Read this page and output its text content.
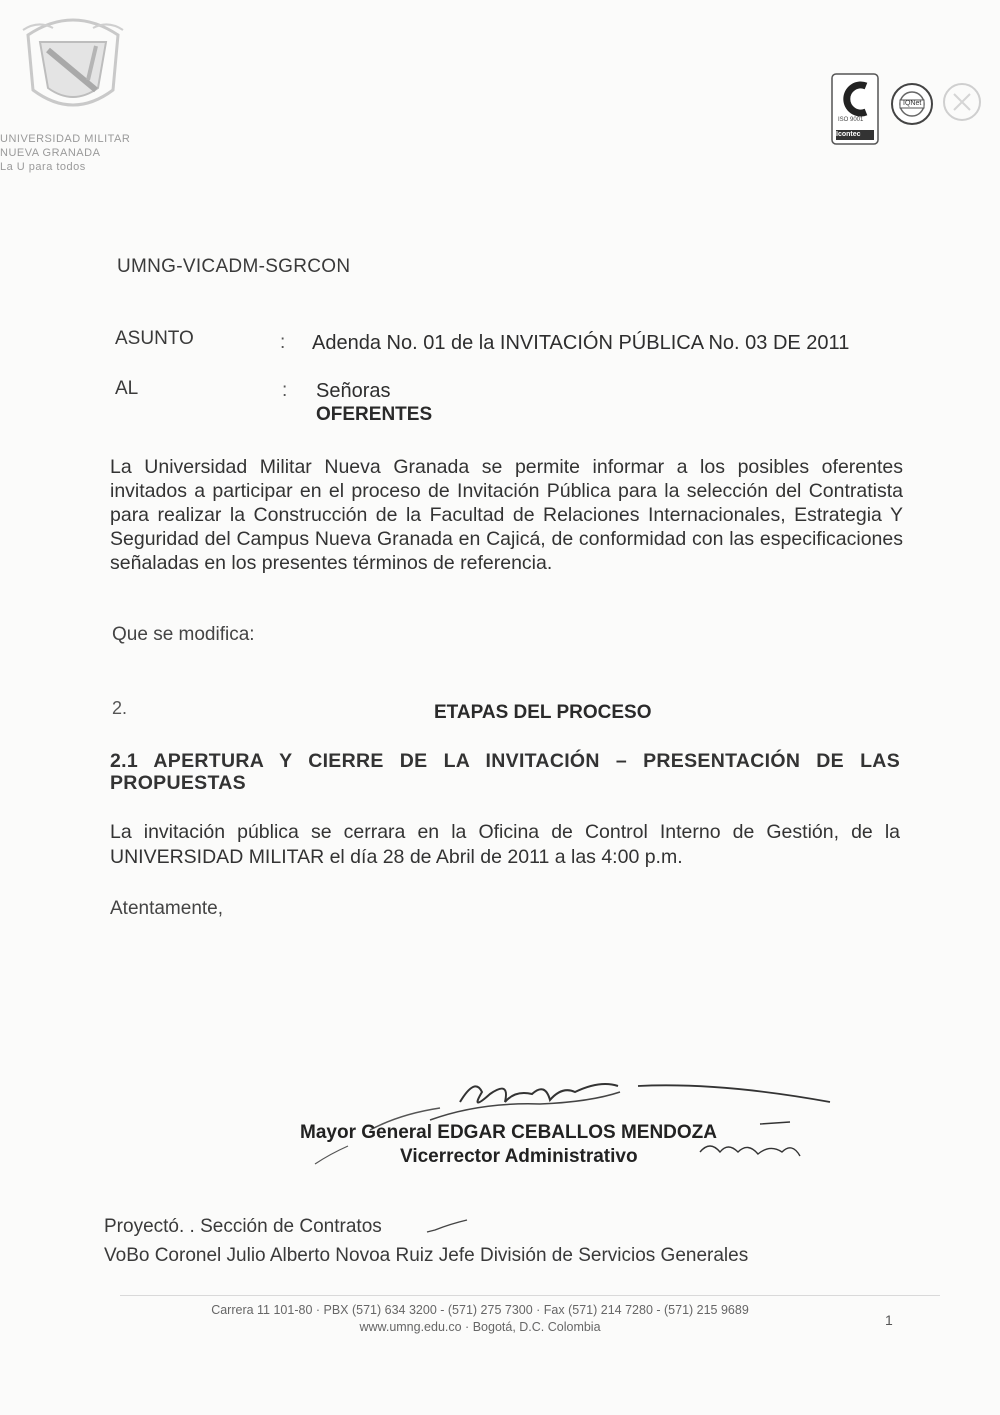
UNIVERSIDAD MILITAR
NUEVA GRANADA
La U para todos
ISO 9001
Icontec
IQNet
UMNG-VICADM-SGRCON
ASUNTO	: Adenda No. 01 de la INVITACIÓN PÚBLICA No. 03 DE 2011
AL	: Señoras
OFERENTES
La Universidad Militar Nueva Granada se permite informar a los posibles oferentes invitados a participar en el proceso de Invitación Pública para la selección del Contratista para realizar la Construcción de la Facultad de Relaciones Internacionales, Estrategia Y Seguridad del Campus Nueva Granada en Cajicá, de conformidad con las especificaciones señaladas en los presentes términos de referencia.
Que se modifica:
2.	ETAPAS DEL PROCESO
2.1 APERTURA Y CIERRE DE LA INVITACIÓN – PRESENTACIÓN DE LAS PROPUESTAS
La invitación pública se cerrara en la Oficina de Control Interno de Gestión, de la UNIVERSIDAD MILITAR el día 28 de Abril de 2011 a las 4:00 p.m.
Atentamente,
Mayor General EDGAR CEBALLOS MENDOZA
Vicerrector Administrativo
Proyectó. . Sección de Contratos
VoBo Coronel Julio Alberto Novoa Ruiz Jefe División de Servicios Generales
Carrera 11 101-80 · PBX (571) 634 3200 - (571) 275 7300 · Fax (571) 214 7280 - (571) 215 9689
www.umng.edu.co · Bogotá, D.C. Colombia	1
